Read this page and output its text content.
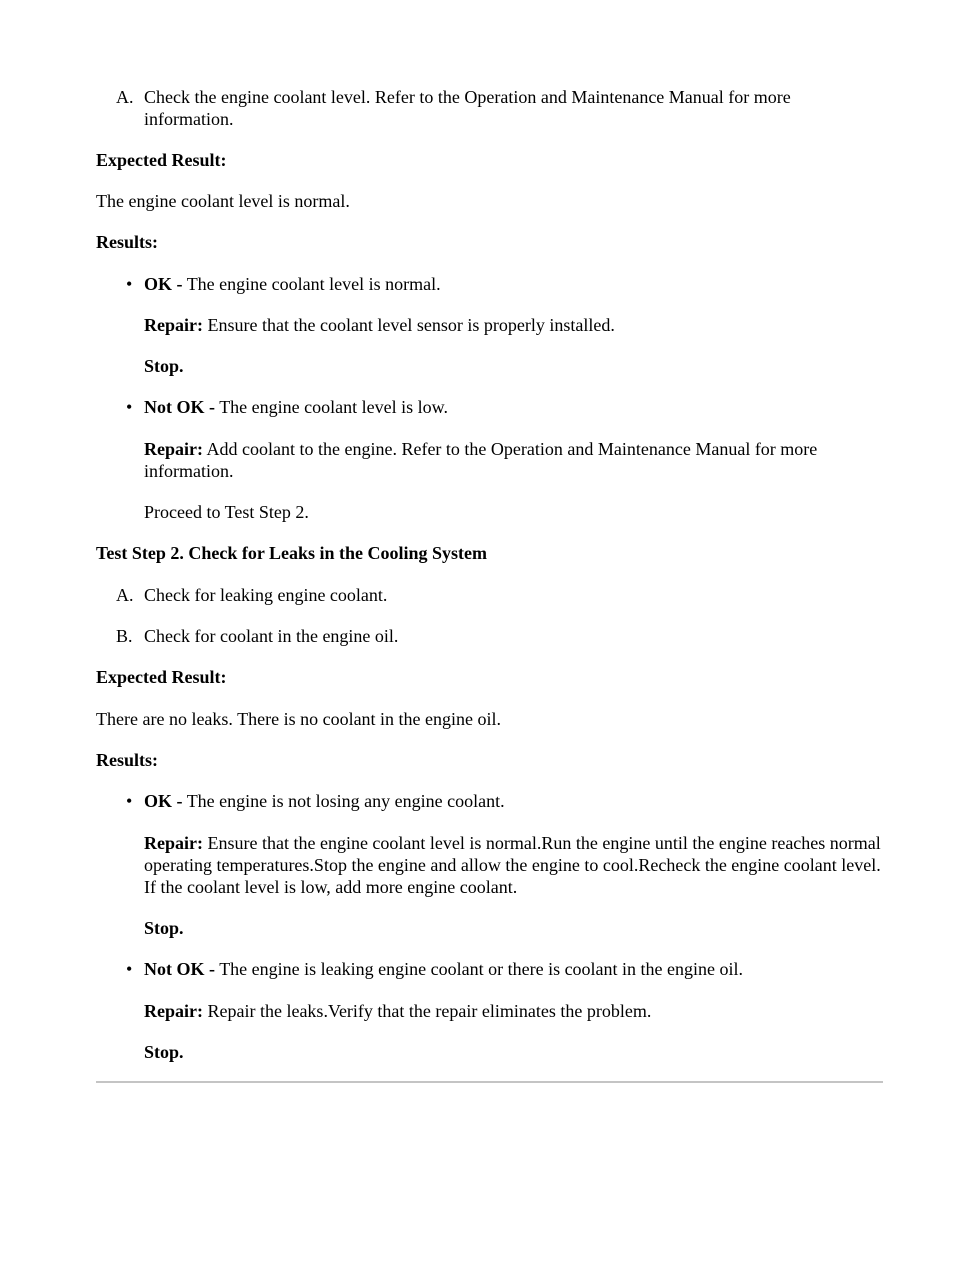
A. Check the engine coolant level. Refer to the Operation and Maintenance Manual for more information.
Expected Result:
The engine coolant level is normal.
Results:
• OK - The engine coolant level is normal.
Repair: Ensure that the coolant level sensor is properly installed.
Stop.
• Not OK - The engine coolant level is low.
Repair: Add coolant to the engine. Refer to the Operation and Maintenance Manual for more information.
Proceed to Test Step 2.
Test Step 2. Check for Leaks in the Cooling System
A. Check for leaking engine coolant.
B. Check for coolant in the engine oil.
Expected Result:
There are no leaks. There is no coolant in the engine oil.
Results:
• OK - The engine is not losing any engine coolant.
Repair: Ensure that the engine coolant level is normal.Run the engine until the engine reaches normal operating temperatures.Stop the engine and allow the engine to cool.Recheck the engine coolant level. If the coolant level is low, add more engine coolant.
Stop.
• Not OK - The engine is leaking engine coolant or there is coolant in the engine oil.
Repair: Repair the leaks.Verify that the repair eliminates the problem.
Stop.
